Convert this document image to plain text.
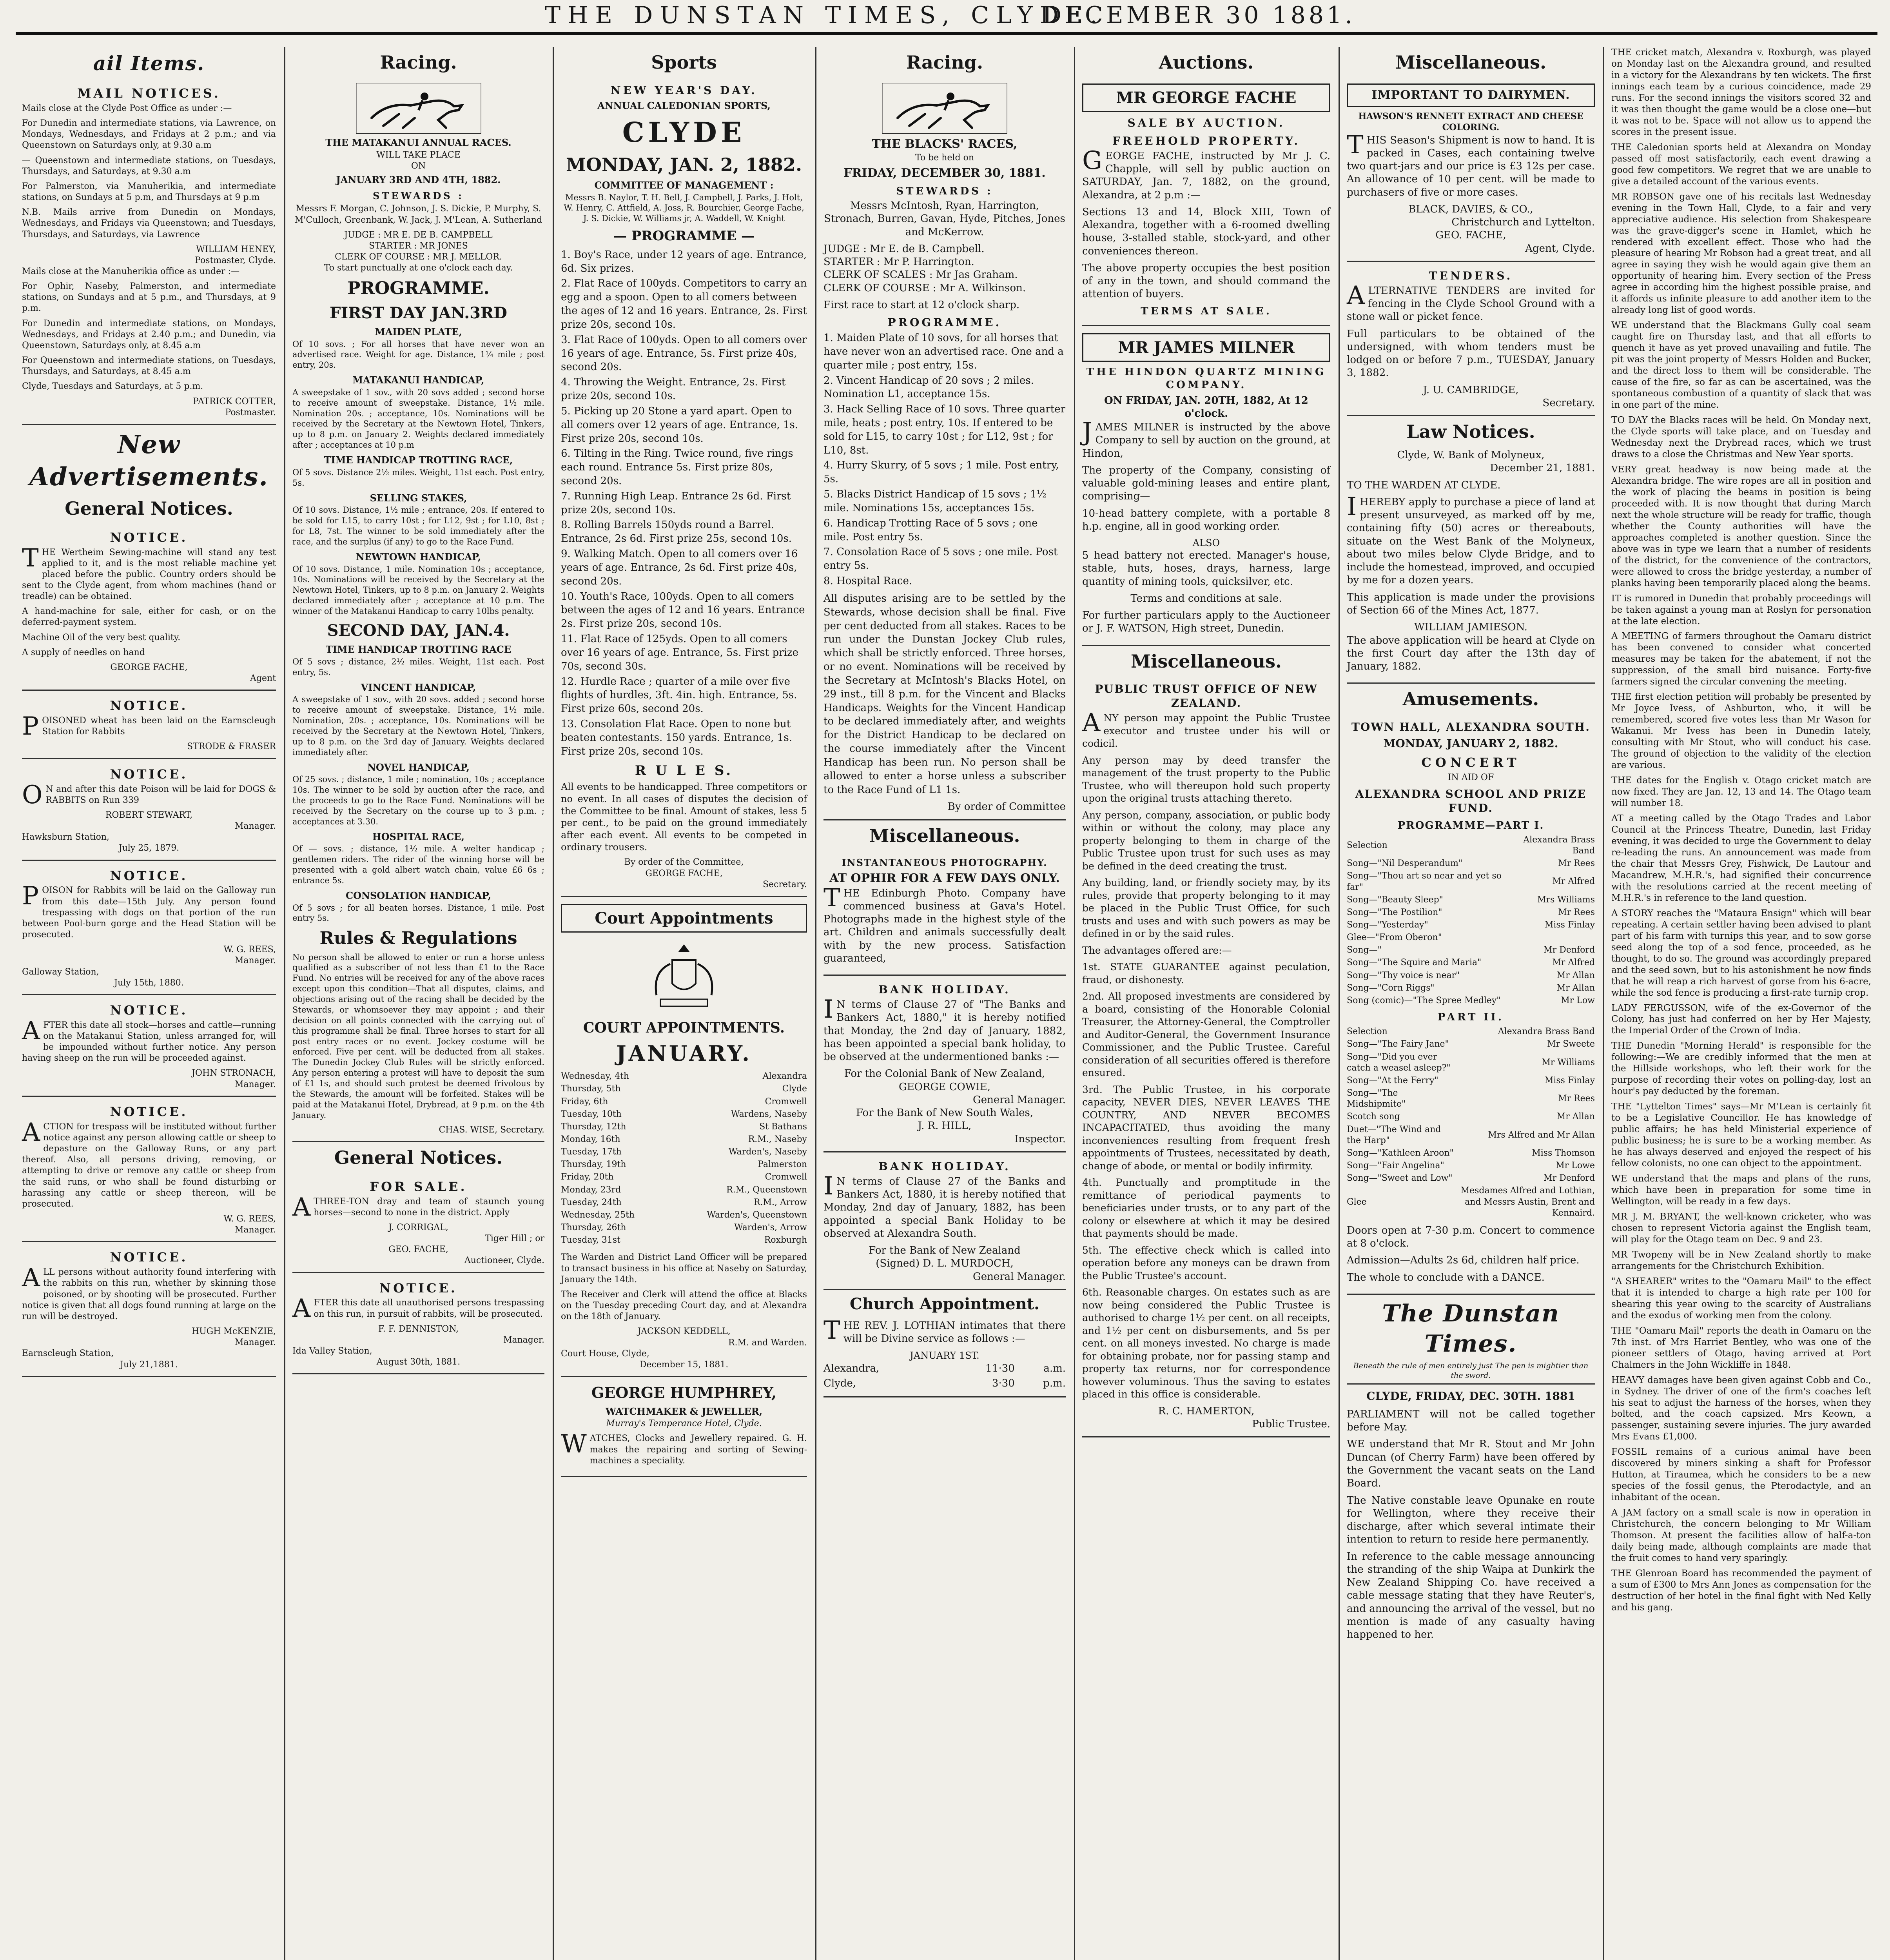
THE DUNSTAN TIMES, CLYDE.
DECEMBER 30 1881.
ail Items.
MAIL NOTICES.

Mails close at the Clyde Post Office as under :—

For Dunedin and intermediate stations, via Lawrence, on Mondays, Wednesdays, and Fridays at 2 p.m.; and via Queenstown on Saturdays only, at 9.30 a.m

— Queenstown and intermediate stations, on Tuesdays, Thursdays, and Saturdays, at 9.30 a.m

For Palmerston, via Manuherikia, and intermediate stations, on Sundays at 5 p.m, and Thursdays at 9 p.m

N.B. Mails arrive from Dunedin on Mondays, Wednesdays, and Fridays via Queenstown; and Tuesdays, Thursdays, and Saturdays, via Lawrence

WILLIAM HENEY,
Postmaster, Clyde.

Mails close at the Manuherikia office as under :—

For Ophir, Naseby, Palmerston, and intermediate stations, on Sundays and at 5 p.m., and Thursdays, at 9 p.m.

For Dunedin and intermediate stations, on Mondays, Wednesdays, and Fridays at 2.40 p.m.; and Dunedin, via Queenstown, Saturdays only, at 8.45 a.m

For Queenstown and intermediate stations, on Tuesdays, Thursdays, and Saturdays, at 8.45 a.m

Clyde, Tuesdays and Saturdays, at 5 p.m.

PATRICK COTTER,
Postmaster.
New Advertisements.
General Notices.
NOTICE.

THE Wertheim Sewing-machine will stand any test applied to it, and is the most reliable machine yet placed before the public. Country orders should be sent to the Clyde agent, from whom machines (hand or treadle) can be obtained.

A hand-machine for sale, either for cash, or on the deferred-payment system.

Machine Oil of the very best quality.

A supply of needles on hand

GEORGE FACHE,
Agent
NOTICE.

POISONED wheat has been laid on the Earnscleugh Station for Rabbits

STRODE & FRASER
NOTICE.

ON and after this date Poison will be laid for DOGS & RABBITS on Run 339

ROBERT STEWART,
Manager.
Hawksburn Station,
July 25, 1879.
NOTICE.

POISON for Rabbits will be laid on the Galloway run from this date—15th July. Any person found trespassing with dogs on that portion of the run between Pool-burn gorge and the Head Station will be prosecuted.

W. G. REES,
Manager.
Galloway Station,
July 15th, 1880.
NOTICE.

AFTER this date all stock—horses and cattle—running on the Matakanui Station, unless arranged for, will be impounded without further notice. Any person having sheep on the run will be proceeded against.

JOHN STRONACH,
Manager.
NOTICE.

ACTION for trespass will be instituted without further notice against any person allowing cattle or sheep to depasture on the Galloway Runs, or any part thereof. Also, all persons driving, removing, or attempting to drive or remove any cattle or sheep from the said runs, or who shall be found disturbing or harassing any cattle or sheep thereon, will be prosecuted.

W. G. REES,
Manager.
NOTICE.

ALL persons without authority found interfering with the rabbits on this run, whether by skinning those poisoned, or by shooting will be prosecuted. Further notice is given that all dogs found running at large on the run will be destroyed.

HUGH McKENZIE,
Manager.
Earnscleugh Station,
July 21,1881.
Racing.
THE MATAKANUI ANNUAL RACES.
WILL TAKE PLACE
ON
JANUARY 3RD AND 4TH, 1882.
STEWARDS :

Messrs F. Morgan, C. Johnson, J. S. Dickie, P. Murphy, S. M'Culloch, Greenbank, W. Jack, J. M'Lean, A. Sutherland

JUDGE : MR E. DE B. CAMPBELL
STARTER : MR JONES
CLERK OF COURSE : MR J. MELLOR.

To start punctually at one o'clock each day.

PROGRAMME.
FIRST DAY JAN.3RD
MAIDEN PLATE,

Of 10 sovs. ; For all horses that have never won an advertised race. Weight for age. Distance, 1¼ mile ; post entry, 20s.

MATAKANUI HANDICAP,

A sweepstake of 1 sov., with 20 sovs added ; second horse to receive amount of sweepstake. Distance, 1½ mile. Nomination 20s. ; acceptance, 10s. Nominations will be received by the Secretary at the Newtown Hotel, Tinkers, up to 8 p.m. on January 2. Weights declared immediately after ; acceptances at 10 p.m

TIME HANDICAP TROTTING RACE,

Of 5 sovs. Distance 2½ miles. Weight, 11st each. Post entry, 5s.

SELLING STAKES,

Of 10 sovs. Distance, 1½ mile ; entrance, 20s. If entered to be sold for L15, to carry 10st ; for L12, 9st ; for L10, 8st ; for L8, 7st. The winner to be sold immediately after the race, and the surplus (if any) to go to the Race Fund.

NEWTOWN HANDICAP,

Of 10 sovs. Distance, 1 mile. Nomination 10s ; acceptance, 10s. Nominations will be received by the Secretary at the Newtown Hotel, Tinkers, up to 8 p.m. on January 2. Weights declared immediately after ; acceptance at 10 p.m. The winner of the Matakanui Handicap to carry 10lbs penalty.

SECOND DAY, JAN.4.
TIME HANDICAP TROTTING RACE

Of 5 sovs ; distance, 2½ miles. Weight, 11st each. Post entry, 5s.

VINCENT HANDICAP,

A sweepstake of 1 sov., with 20 sovs. added ; second horse to receive amount of sweepstake. Distance, 1½ mile. Nomination, 20s. ; acceptance, 10s. Nominations will be received by the Secretary at the Newtown Hotel, Tinkers, up to 8 p.m. on the 3rd day of January. Weights declared immediately after.

NOVEL HANDICAP,

Of 25 sovs. ; distance, 1 mile ; nomination, 10s ; acceptance 10s. The winner to be sold by auction after the race, and the proceeds to go to the Race Fund. Nominations will be received by the Secretary on the course up to 3 p.m. ; acceptances at 3.30.

HOSPITAL RACE,

Of — sovs. ; distance, 1½ mile. A welter handicap ; gentlemen riders. The rider of the winning horse will be presented with a gold albert watch chain, value £6 6s ; entrance 5s.

CONSOLATION HANDICAP,

Of 5 sovs ; for all beaten horses. Distance, 1 mile. Post entry 5s.

Rules & Regulations

No person shall be allowed to enter or run a horse unless qualified as a subscriber of not less than £1 to the Race Fund. No entries will be received for any of the above races except upon this condition—That all disputes, claims, and objections arising out of the racing shall be decided by the Stewards, or whomsoever they may appoint ; and their decision on all points connected with the carrying out of this programme shall be final. Three horses to start for all post entry races or no event. Jockey costume will be enforced. Five per cent. will be deducted from all stakes. The Dunedin Jockey Club Rules will be strictly enforced. Any person entering a protest will have to deposit the sum of £1 1s, and should such protest be deemed frivolous by the Stewards, the amount will be forfeited. Stakes will be paid at the Matakanui Hotel, Drybread, at 9 p.m. on the 4th January.

CHAS. WISE, Secretary.
General Notices.
FOR SALE.

ATHREE-TON dray and team of staunch young horses—second to none in the district. Apply

J. CORRIGAL,
Tiger Hill ; or
GEO. FACHE,
Auctioneer, Clyde.
NOTICE.

AFTER this date all unauthorised persons trespassing on this run, in pursuit of rabbits, will be prosecuted.

F. F. DENNISTON,
Manager.
Ida Valley Station,
August 30th, 1881.
Sports
NEW YEAR'S DAY.
ANNUAL CALEDONIAN SPORTS,
CLYDE
MONDAY, JAN. 2, 1882.
COMMITTEE OF MANAGEMENT :

Messrs B. Naylor, T. H. Bell, J. Campbell, J. Parks, J. Holt, W. Henry, C. Attfield, A. Joss, R. Bourchier, George Fache, J. S. Dickie, W. Williams jr, A. Waddell, W. Knight

— PROGRAMME —
1. Boy's Race, under 12 years of age. Entrance, 6d. Six prizes.
2. Flat Race of 100yds. Competitors to carry an egg and a spoon. Open to all comers between the ages of 12 and 16 years. Entrance, 2s. First prize 20s, second 10s.
3. Flat Race of 100yds. Open to all comers over 16 years of age. Entrance, 5s. First prize 40s, second 20s.
4. Throwing the Weight. Entrance, 2s. First prize 20s, second 10s.
5. Picking up 20 Stone a yard apart. Open to all comers over 12 years of age. Entrance, 1s. First prize 20s, second 10s.
6. Tilting in the Ring. Twice round, five rings each round. Entrance 5s. First prize 80s, second 20s.
7. Running High Leap. Entrance 2s 6d. First prize 20s, second 10s.
8. Rolling Barrels 150yds round a Barrel. Entrance, 2s 6d. First prize 25s, second 10s.
9. Walking Match. Open to all comers over 16 years of age. Entrance, 2s 6d. First prize 40s, second 20s.
10. Youth's Race, 100yds. Open to all comers between the ages of 12 and 16 years. Entrance 2s. First prize 20s, second 10s.
11. Flat Race of 125yds. Open to all comers over 16 years of age. Entrance, 5s. First prize 70s, second 30s.
12. Hurdle Race ; quarter of a mile over five flights of hurdles, 3ft. 4in. high. Entrance, 5s. First prize 60s, second 20s.
13. Consolation Flat Race. Open to none but beaten contestants. 150 yards. Entrance, 1s. First prize 20s, second 10s.
R U L E S.

All events to be handicapped. Three competitors or no event. In all cases of disputes the decision of the Committee to be final. Amount of stakes, less 5 per cent., to be paid on the ground immediately after each event. All events to be competed in ordinary trousers.

By order of the Committee,
GEORGE FACHE,
Secretary.
Court Appointments
COURT APPOINTMENTS.
JANUARY.
Wednesday, 4th	Alexandra
Thursday, 5th	Clyde
Friday, 6th	Cromwell
Tuesday, 10th	Wardens, Naseby
Thursday, 12th	St Bathans
Monday, 16th	R.M., Naseby
Tuesday, 17th	Warden's, Naseby
Thursday, 19th	Palmerston
Friday, 20th	Cromwell
Monday, 23rd	R.M., Queenstown
Tuesday, 24th	R.M., Arrow
Wednesday, 25th	Warden's, Queenstown
Thursday, 26th	Warden's, Arrow
Tuesday, 31st	Roxburgh

The Warden and District Land Officer will be prepared to transact business in his office at Naseby on Saturday, January the 14th.

The Receiver and Clerk will attend the office at Blacks on the Tuesday preceding Court day, and at Alexandra on the 18th of January.

JACKSON KEDDELL,
R.M. and Warden.
Court House, Clyde,
December 15, 1881.
GEORGE HUMPHREY,
WATCHMAKER & JEWELLER,
Murray's Temperance Hotel, Clyde.

WATCHES, Clocks and Jewellery repaired. G. H. makes the repairing and sorting of Sewing-machines a speciality.

Racing.
THE BLACKS' RACES,
To be held on
FRIDAY, DECEMBER 30, 1881.
STEWARDS :

Messrs McIntosh, Ryan, Harrington, Stronach, Burren, Gavan, Hyde, Pitches, Jones and McKerrow.

JUDGE : Mr E. de B. Campbell.
STARTER : Mr P. Harrington.
CLERK OF SCALES : Mr Jas Graham.
CLERK OF COURSE : Mr A. Wilkinson.

First race to start at 12 o'clock sharp.

PROGRAMME.
1. Maiden Plate of 10 sovs, for all horses that have never won an advertised race. One and a quarter mile ; post entry, 15s.
2. Vincent Handicap of 20 sovs ; 2 miles. Nomination L1, acceptance 15s.
3. Hack Selling Race of 10 sovs. Three quarter mile, heats ; post entry, 10s. If entered to be sold for L15, to carry 10st ; for L12, 9st ; for L10, 8st.
4. Hurry Skurry, of 5 sovs ; 1 mile. Post entry, 5s.
5. Blacks District Handicap of 15 sovs ; 1½ mile. Nominations 15s, acceptances 15s.
6. Handicap Trotting Race of 5 sovs ; one mile. Post entry 5s.
7. Consolation Race of 5 sovs ; one mile. Post entry 5s.
8. Hospital Race.

All disputes arising are to be settled by the Stewards, whose decision shall be final. Five per cent deducted from all stakes. Races to be run under the Dunstan Jockey Club rules, which shall be strictly enforced. Three horses, or no event. Nominations will be received by the Secretary at McIntosh's Blacks Hotel, on 29 inst., till 8 p.m. for the Vincent and Blacks Handicaps. Weights for the Vincent Handicap to be declared immediately after, and weights for the District Handicap to be declared on the course immediately after the Vincent Handicap has been run. No person shall be allowed to enter a horse unless a subscriber to the Race Fund of L1 1s.

By order of Committee
Miscellaneous.
INSTANTANEOUS PHOTOGRAPHY.
AT OPHIR FOR A FEW DAYS ONLY.

THE Edinburgh Photo. Company have commenced business at Gava's Hotel. Photographs made in the highest style of the art. Children and animals successfully dealt with by the new process. Satisfaction guaranteed,

BANK HOLIDAY.

IN terms of Clause 27 of "The Banks and Bankers Act, 1880," it is hereby notified that Monday, the 2nd day of January, 1882, has been appointed a special bank holiday, to be observed at the undermentioned banks :—

For the Colonial Bank of New Zealand,
GEORGE COWIE,
General Manager.
For the Bank of New South Wales,
J. R. HILL,
Inspector.
BANK HOLIDAY.

IN terms of Clause 27 of the Banks and Bankers Act, 1880, it is hereby notified that Monday, 2nd day of January, 1882, has been appointed a special Bank Holiday to be observed at Alexandra South.

For the Bank of New Zealand
(Signed) D. L. MURDOCH,
General Manager.
Church Appointment.

THE REV. J. LOTHIAN intimates that there will be Divine service as follows :—

JANUARY 1ST.
Alexandra,	11·30	a.m.
Clyde,	3·30	p.m.
Auctions.
MR GEORGE FACHE
SALE BY AUCTION.
FREEHOLD PROPERTY.

GEORGE FACHE, instructed by Mr J. C. Chapple, will sell by public auction on SATURDAY, Jan. 7, 1882, on the ground, Alexandra, at 2 p.m :—

Sections 13 and 14, Block XIII, Town of Alexandra, together with a 6-roomed dwelling house, 3-stalled stable, stock-yard, and other conveniences thereon.

The above property occupies the best position of any in the town, and should command the attention of buyers.

TERMS AT SALE.
MR JAMES MILNER
THE HINDON QUARTZ MINING COMPANY.
ON FRIDAY, JAN. 20TH, 1882, At 12 o'clock.

JAMES MILNER is instructed by the above Company to sell by auction on the ground, at Hindon,

The property of the Company, consisting of valuable gold-mining leases and entire plant, comprising—

10-head battery complete, with a portable 8 h.p. engine, all in good working order.

ALSO

5 head battery not erected. Manager's house, stable, huts, hoses, drays, harness, large quantity of mining tools, quicksilver, etc.

Terms and conditions at sale.

For further particulars apply to the Auctioneer or J. F. WATSON, High street, Dunedin.

Miscellaneous.
PUBLIC TRUST OFFICE OF NEW ZEALAND.

ANY person may appoint the Public Trustee executor and trustee under his will or codicil.

Any person may by deed transfer the management of the trust property to the Public Trustee, who will thereupon hold such property upon the original trusts attaching thereto.

Any person, company, association, or public body within or without the colony, may place any property belonging to them in charge of the Public Trustee upon trust for such uses as may be defined in the deed creating the trust.

Any building, land, or friendly society may, by its rules, provide that property belonging to it may be placed in the Public Trust Office, for such trusts and uses and with such powers as may be defined in or by the said rules.

The advantages offered are:—

1st. STATE GUARANTEE against peculation, fraud, or dishonesty.

2nd. All proposed investments are considered by a board, consisting of the Honorable Colonial Treasurer, the Attorney-General, the Comptroller and Auditor-General, the Government Insurance Commissioner, and the Public Trustee. Careful consideration of all securities offered is therefore ensured.

3rd. The Public Trustee, in his corporate capacity, NEVER DIES, NEVER LEAVES THE COUNTRY, AND NEVER BECOMES INCAPACITATED, thus avoiding the many inconveniences resulting from frequent fresh appointments of Trustees, necessitated by death, change of abode, or mental or bodily infirmity.

4th. Punctually and promptitude in the remittance of periodical payments to beneficiaries under trusts, or to any part of the colony or elsewhere at which it may be desired that payments should be made.

5th. The effective check which is called into operation before any moneys can be drawn from the Public Trustee's account.

6th. Reasonable charges. On estates such as are now being considered the Public Trustee is authorised to charge 1½ per cent. on all receipts, and 1½ per cent on disbursements, and 5s per cent. on all moneys invested. No charge is made for obtaining probate, nor for passing stamp and property tax returns, nor for correspondence however voluminous. Thus the saving to estates placed in this office is considerable.

R. C. HAMERTON,
Public Trustee.
Miscellaneous.
IMPORTANT TO DAIRYMEN.
HAWSON'S RENNETT EXTRACT AND CHEESE COLORING.

THIS Season's Shipment is now to hand. It is packed in Cases, each containing twelve two quart-jars and our price is £3 12s per case. An allowance of 10 per cent. will be made to purchasers of five or more cases.

BLACK, DAVIES, & CO.,
Christchurch and Lyttelton.
GEO. FACHE,
Agent, Clyde.
TENDERS.

ALTERNATIVE TENDERS are invited for fencing in the Clyde School Ground with a stone wall or picket fence.

Full particulars to be obtained of the undersigned, with whom tenders must be lodged on or before 7 p.m., TUESDAY, January 3, 1882.

J. U. CAMBRIDGE,
Secretary.
Law Notices.
Clyde, W. Bank of Molyneux,
December 21, 1881.
TO THE WARDEN AT CLYDE.

IHEREBY apply to purchase a piece of land at present unsurveyed, as marked off by me, containing fifty (50) acres or thereabouts, situate on the West Bank of the Molyneux, about two miles below Clyde Bridge, and to include the homestead, improved, and occupied by me for a dozen years.

This application is made under the provisions of Section 66 of the Mines Act, 1877.

WILLIAM JAMIESON.

The above application will be heard at Clyde on the first Court day after the 13th day of January, 1882.

Amusements.
TOWN HALL, ALEXANDRA SOUTH.
MONDAY, JANUARY 2, 1882.
CONCERT
IN AID OF
ALEXANDRA SCHOOL AND PRIZE FUND.
PROGRAMME—PART I.
Selection	Alexandra Brass Band
Song—"Nil Desperandum"	Mr Rees
Song—"Thou art so near and yet so far"	Mr Alfred
Song—"Beauty Sleep"	Mrs Williams
Song—"The Postilion"	Mr Rees
Song—"Yesterday"	Miss Finlay
Glee—"From Oberon"	
Song—"	Mr Denford
Song—"The Squire and Maria"	Mr Alfred
Song—"Thy voice is near"	Mr Allan
Song—"Corn Riggs"	Mr Allan
Song (comic)—"The Spree Medley"	Mr Low
PART II.
Selection	Alexandra Brass Band
Song—"The Fairy Jane"	Mr Sweete
Song—"Did you ever catch a weasel asleep?"	Mr Williams
Song—"At the Ferry"	Miss Finlay
Song—"The Midshipmite"	Mr Rees
Scotch song	Mr Allan
Duet—"The Wind and the Harp"	Mrs Alfred and Mr Allan
Song—"Kathleen Aroon"	Miss Thomson
Song—"Fair Angelina"	Mr Lowe
Song—"Sweet and Low"	Mr Denford
Glee	Mesdames Alfred and Lothian, and Messrs Austin, Brent and Kennaird.

Doors open at 7-30 p.m. Concert to commence at 8 o'clock.

Admission—Adults 2s 6d, children half price.

The whole to conclude with a DANCE.

The Dunstan Times.
Beneath the rule of men entirely just The pen is mightier than the sword.
CLYDE, FRIDAY, DEC. 30TH. 1881

PARLIAMENT will not be called together before May.

WE understand that Mr R. Stout and Mr John Duncan (of Cherry Farm) have been offered by the Government the vacant seats on the Land Board.

The Native constable leave Opunake en route for Wellington, where they receive their discharge, after which several intimate their intention to return to reside here permanently.

In reference to the cable message announcing the stranding of the ship Waipa at Dunkirk the New Zealand Shipping Co. have received a cable message stating that they have Reuter's, and announcing the arrival of the vessel, but no mention is made of any casualty having happened to her.

THE cricket match, Alexandra v. Roxburgh, was played on Monday last on the Alexandra ground, and resulted in a victory for the Alexandrans by ten wickets. The first innings each team by a curious coincidence, made 29 runs. For the second innings the visitors scored 32 and it was then thought the game would be a close one—but it was not to be. Space will not allow us to append the scores in the present issue.

THE Caledonian sports held at Alexandra on Monday passed off most satisfactorily, each event drawing a good few competitors. We regret that we are unable to give a detailed account of the various events.

MR ROBSON gave one of his recitals last Wednesday evening in the Town Hall, Clyde, to a fair and very appreciative audience. His selection from Shakespeare was the grave-digger's scene in Hamlet, which he rendered with excellent effect. Those who had the pleasure of hearing Mr Robson had a great treat, and all agree in saying they wish he would again give them an opportunity of hearing him. Every section of the Press agree in according him the highest possible praise, and it affords us infinite pleasure to add another item to the already long list of good words.

WE understand that the Blackmans Gully coal seam caught fire on Thursday last, and that all efforts to quench it have as yet proved unavailing and futile. The pit was the joint property of Messrs Holden and Bucker, and the direct loss to them will be considerable. The cause of the fire, so far as can be ascertained, was the spontaneous combustion of a quantity of slack that was in one part of the mine.

TO DAY the Blacks races will be held. On Monday next, the Clyde sports will take place, and on Tuesday and Wednesday next the Drybread races, which we trust draws to a close the Christmas and New Year sports.

VERY great headway is now being made at the Alexandra bridge. The wire ropes are all in position and the work of placing the beams in position is being proceeded with. It is now thought that during March next the whole structure will be ready for traffic, though whether the County authorities will have the approaches completed is another question. Since the above was in type we learn that a number of residents of the district, for the convenience of the contractors, were allowed to cross the bridge yesterday, a number of planks having been temporarily placed along the beams.

IT is rumored in Dunedin that probably proceedings will be taken against a young man at Roslyn for personation at the late election.

A MEETING of farmers throughout the Oamaru district has been convened to consider what concerted measures may be taken for the abatement, if not the suppression, of the small bird nuisance. Forty-five farmers signed the circular convening the meeting.

THE first election petition will probably be presented by Mr Joyce Ivess, of Ashburton, who, it will be remembered, scored five votes less than Mr Wason for Wakanui. Mr Ivess has been in Dunedin lately, consulting with Mr Stout, who will conduct his case. The ground of objection to the validity of the election are various.

THE dates for the English v. Otago cricket match are now fixed. They are Jan. 12, 13 and 14. The Otago team will number 18.

AT a meeting called by the Otago Trades and Labor Council at the Princess Theatre, Dunedin, last Friday evening, it was decided to urge the Government to delay re-leading the runs. An announcement was made from the chair that Messrs Grey, Fishwick, De Lautour and Macandrew, M.H.R.'s, had signified their concurrence with the resolutions carried at the recent meeting of M.H.R.'s in reference to the land question.

A STORY reaches the "Mataura Ensign" which will bear repeating. A certain settler having been advised to plant part of his farm with turnips this year, and to sow gorse seed along the top of a sod fence, proceeded, as he thought, to do so. The ground was accordingly prepared and the seed sown, but to his astonishment he now finds that he will reap a rich harvest of gorse from his 6-acre, while the sod fence is producing a first-rate turnip crop.

LADY FERGUSSON, wife of the ex-Governor of the Colony, has just had conferred on her by Her Majesty, the Imperial Order of the Crown of India.

THE Dunedin "Morning Herald" is responsible for the following:—We are credibly informed that the men at the Hillside workshops, who left their work for the purpose of recording their votes on polling-day, lost an hour's pay deducted by the foreman.

THE "Lyttelton Times" says—Mr M'Lean is certainly fit to be a Legislative Councillor. He has knowledge of public affairs; he has held Ministerial experience of public business; he is sure to be a working member. As he has always deserved and enjoyed the respect of his fellow colonists, no one can object to the appointment.

WE understand that the maps and plans of the runs, which have been in preparation for some time in Wellington, will be ready in a few days.

MR J. M. BRYANT, the well-known cricketer, who was chosen to represent Victoria against the English team, will play for the Otago team on Dec. 9 and 23.

MR Twopeny will be in New Zealand shortly to make arrangements for the Christchurch Exhibition.

"A SHEARER" writes to the "Oamaru Mail" to the effect that it is intended to charge a high rate per 100 for shearing this year owing to the scarcity of Australians and the exodus of working men from the colony.

THE "Oamaru Mail" reports the death in Oamaru on the 7th inst. of Mrs Harriet Bentley, who was one of the pioneer settlers of Otago, having arrived at Port Chalmers in the John Wickliffe in 1848.

HEAVY damages have been given against Cobb and Co., in Sydney. The driver of one of the firm's coaches left his seat to adjust the harness of the horses, when they bolted, and the coach capsized. Mrs Keown, a passenger, sustaining severe injuries. The jury awarded Mrs Evans £1,000.

FOSSIL remains of a curious animal have been discovered by miners sinking a shaft for Professor Hutton, at Tiraumea, which he considers to be a new species of the fossil genus, the Pterodactyle, and an inhabitant of the ocean.

A JAM factory on a small scale is now in operation in Christchurch, the concern belonging to Mr William Thomson. At present the facilities allow of half-a-ton daily being made, although complaints are made that the fruit comes to hand very sparingly.

THE Glenroan Board has recommended the payment of a sum of £300 to Mrs Ann Jones as compensation for the destruction of her hotel in the final fight with Ned Kelly and his gang.
